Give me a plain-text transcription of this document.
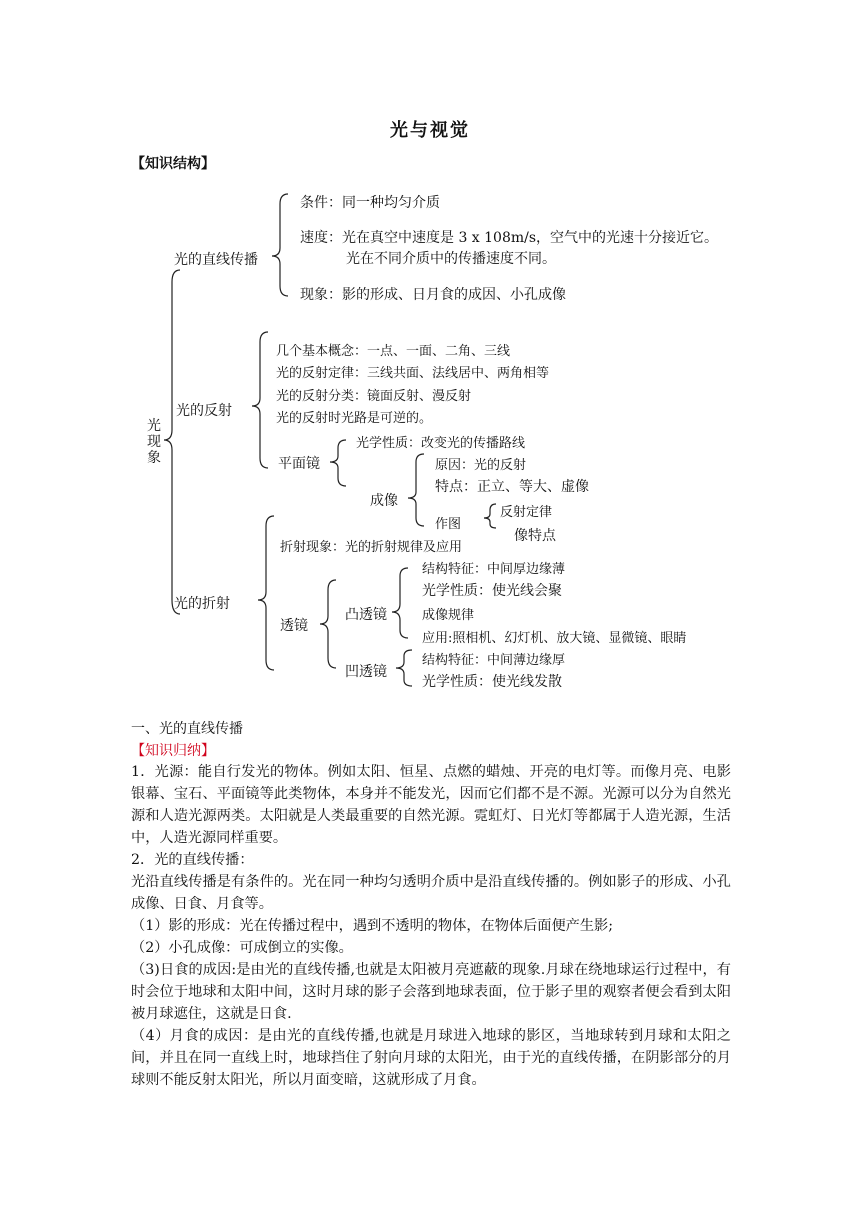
光与视觉
【知识结构】
光现象
光的直线传播
条件：同一种均匀介质
速度：光在真空中速度是 3 x 108m/s，空气中的光速十分接近它。
光在不同介质中的传播速度不同。
现象：影的形成、日月食的成因、小孔成像
光的反射
几个基本概念：一点、一面、二角、三线
光的反射定律：三线共面、法线居中、两角相等
光的反射分类：镜面反射、漫反射
光的反射时光路是可逆的。
平面镜
光学性质：改变光的传播路线
成像
原因：光的反射
特点：正立、等大、虚像
作图
反射定律
像特点
光的折射
折射现象：光的折射规律及应用
透镜
凸透镜
结构特征：中间厚边缘薄
光学性质：使光线会聚
成像规律
应用:照相机、幻灯机、放大镜、显微镜、眼睛
凹透镜
结构特征：中间薄边缘厚
光学性质：使光线发散
一、光的直线传播
【知识归纳】

1．光源：能自行发光的物体。例如太阳、恒星、点燃的蜡烛、开亮的电灯等。而像月亮、电影银幕、宝石、平面镜等此类物体，本身并不能发光，因而它们都不是不源。光源可以分为自然光源和人造光源两类。太阳就是人类最重要的自然光源。霓虹灯、日光灯等都属于人造光源，生活中，人造光源同样重要。

2．光的直线传播：

光沿直线传播是有条件的。光在同一种均匀透明介质中是沿直线传播的。例如影子的形成、小孔成像、日食、月食等。

（1）影的形成：光在传播过程中，遇到不透明的物体，在物体后面便产生影;

（2）小孔成像：可成倒立的实像。

（3)日食的成因:是由光的直线传播,也就是太阳被月亮遮蔽的现象.月球在绕地球运行过程中，有时会位于地球和太阳中间，这时月球的影子会落到地球表面，位于影子里的观察者便会看到太阳被月球遮住，这就是日食.

（4）月食的成因：是由光的直线传播,也就是月球进入地球的影区，当地球转到月球和太阳之间，并且在同一直线上时，地球挡住了射向月球的太阳光，由于光的直线传播，在阴影部分的月球则不能反射太阳光，所以月面变暗，这就形成了月食。
